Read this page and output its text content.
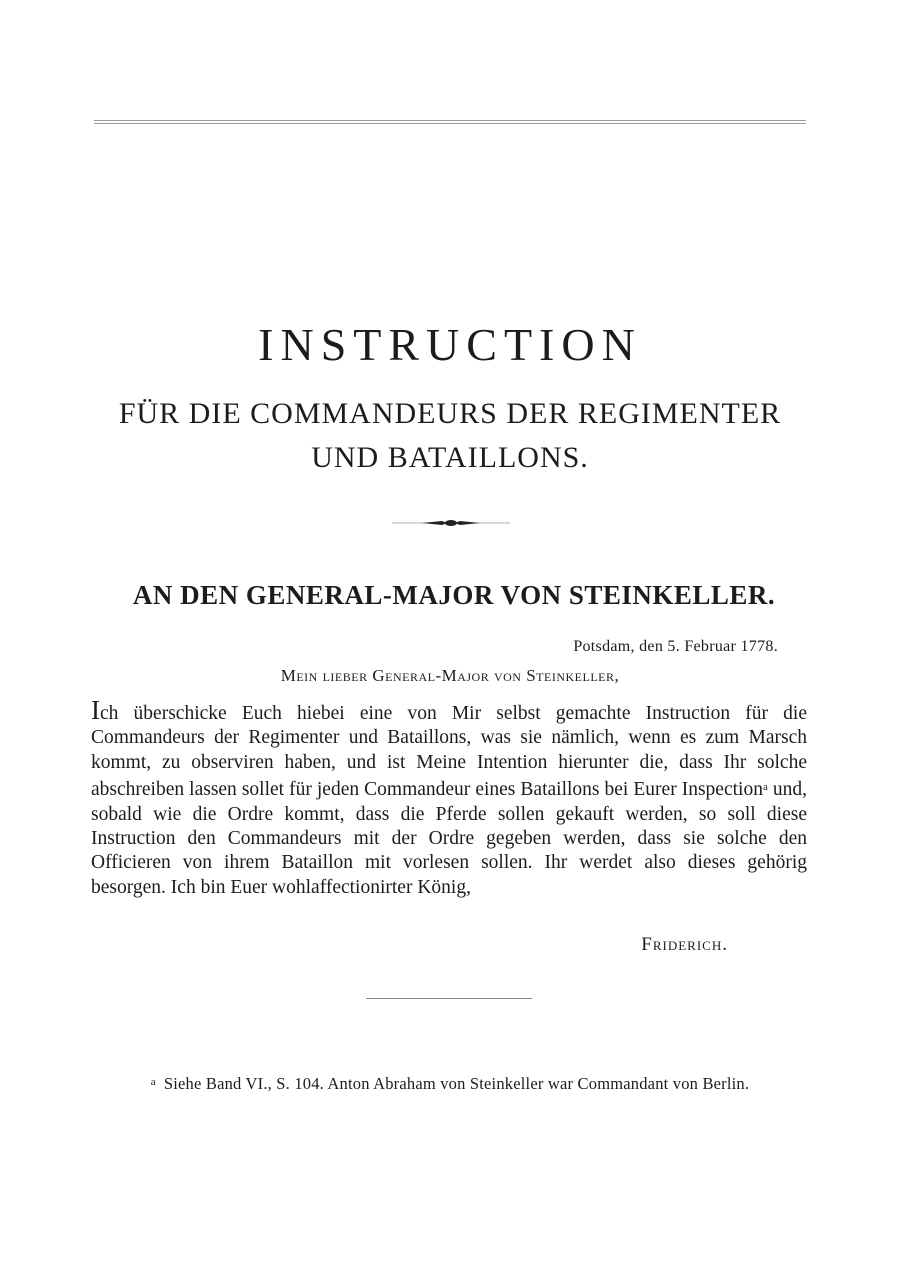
INSTRUCTION
FÜR DIE COMMANDEURS DER REGIMENTER
UND BATAILLONS.
AN DEN GENERAL-MAJOR VON STEINKELLER.
Potsdam, den 5. Februar 1778.
Mein lieber General-Major von Steinkeller,

Ich überschicke Euch hiebei eine von Mir selbst gemachte Instruction für die Commandeurs der Regimenter und Bataillons, was sie nämlich, wenn es zum Marsch kommt, zu observiren haben, und ist Meine Intention hierunter die, dass Ihr solche abschreiben lassen sollet für jeden Commandeur eines Bataillons bei Eurer Inspection$^a$ und, sobald wie die Ordre kommt, dass die Pferde sollen gekauft werden, so soll diese Instruction den Commandeurs mit der Ordre gegeben werden, dass sie solche den Officieren von ihrem Bataillon mit vorlesen sollen. Ihr werdet also dieses gehörig besorgen. Ich bin Euer wohlaffectionirter König,

Friderich.
$^a$ Siehe Band VI., S. 104. Anton Abraham von Steinkeller war Commandant von Berlin.
